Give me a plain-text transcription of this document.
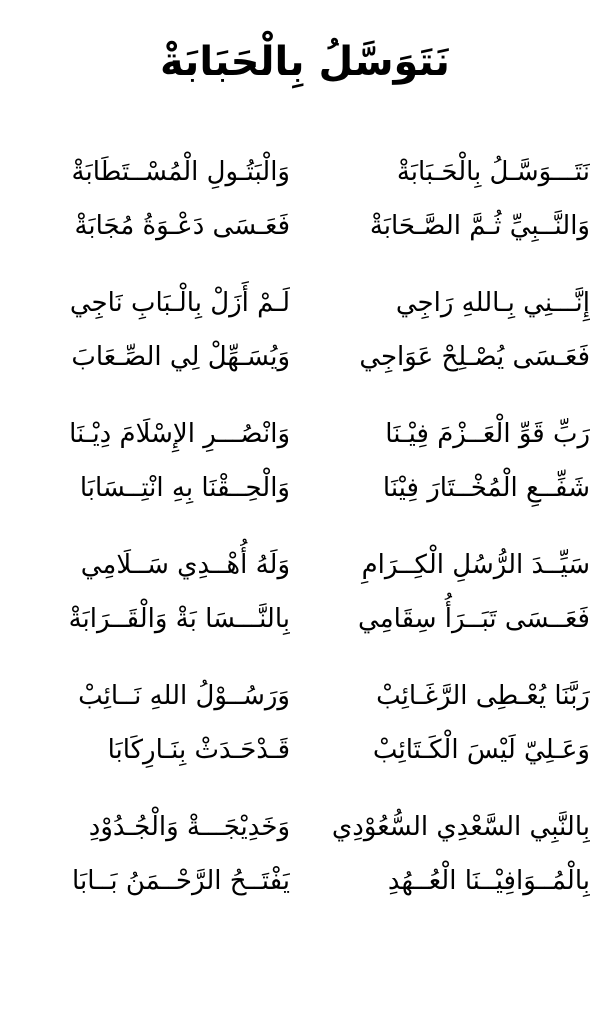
نَتَوَسَّلُ بِالْحَبَابَةْ
نَتَـــوَسَّـلُ بِالْحَـبَابَةْ
وَالْبَتُـولِ الْمُسْــتَطَابَةْ
وَالنَّــبِيِّ ثُـمَّ الصَّـحَابَةْ
فَعَـسَى دَعْـوَةُ مُجَابَةْ
إِنَّـــنِي بِـاللهِ رَاجِي
لَـمْ أَزَلْ بِالْـبَابِ نَاجِي
فَعَـسَى يُصْـلِحْ عَوَاجِي
وَيُسَـهِّلْ لِي الصِّـعَابَ
رَبِّ قَوِّ الْعَــزْمَ فِيْـنَا
وَانْصُـــرِ الإِسْلَامَ دِيْـنَا
شَفِّــعِ الْمُخْــتَارَ فِيْنَا
وَالْحِــقْنَا بِهِ انْتِــسَابَا
سَيِّــدَ الرُّسُلِ الْكِــرَامِ
وَلَهُ أُهْــدِي سَــلَامِي
فَعَــسَى تَبَــرَأُ سِقَامِي
بِالنَّـــسَا بَةْ وَالْقَــرَابَةْ
رَبَّنَا يُعْـطِى الرَّغَـائِبْ
وَرَسُــوْلُ اللهِ نَــائِبْ
وَعَـلِيّ لَيْسَ الْكَـتَائِبْ
قَـدْحَـدَثْ بِنَـارِكَابَا
بِالنَّبِي السَّعْدِي السُّعُوْدِي
وَخَدِيْجَـــةْ وَالْجُـدُوْدِ
بِالْمُــوَافِيْــنَا الْعُــهُدِ
يَفْتَــحُ الرَّحْــمَنُ بَــابَا
